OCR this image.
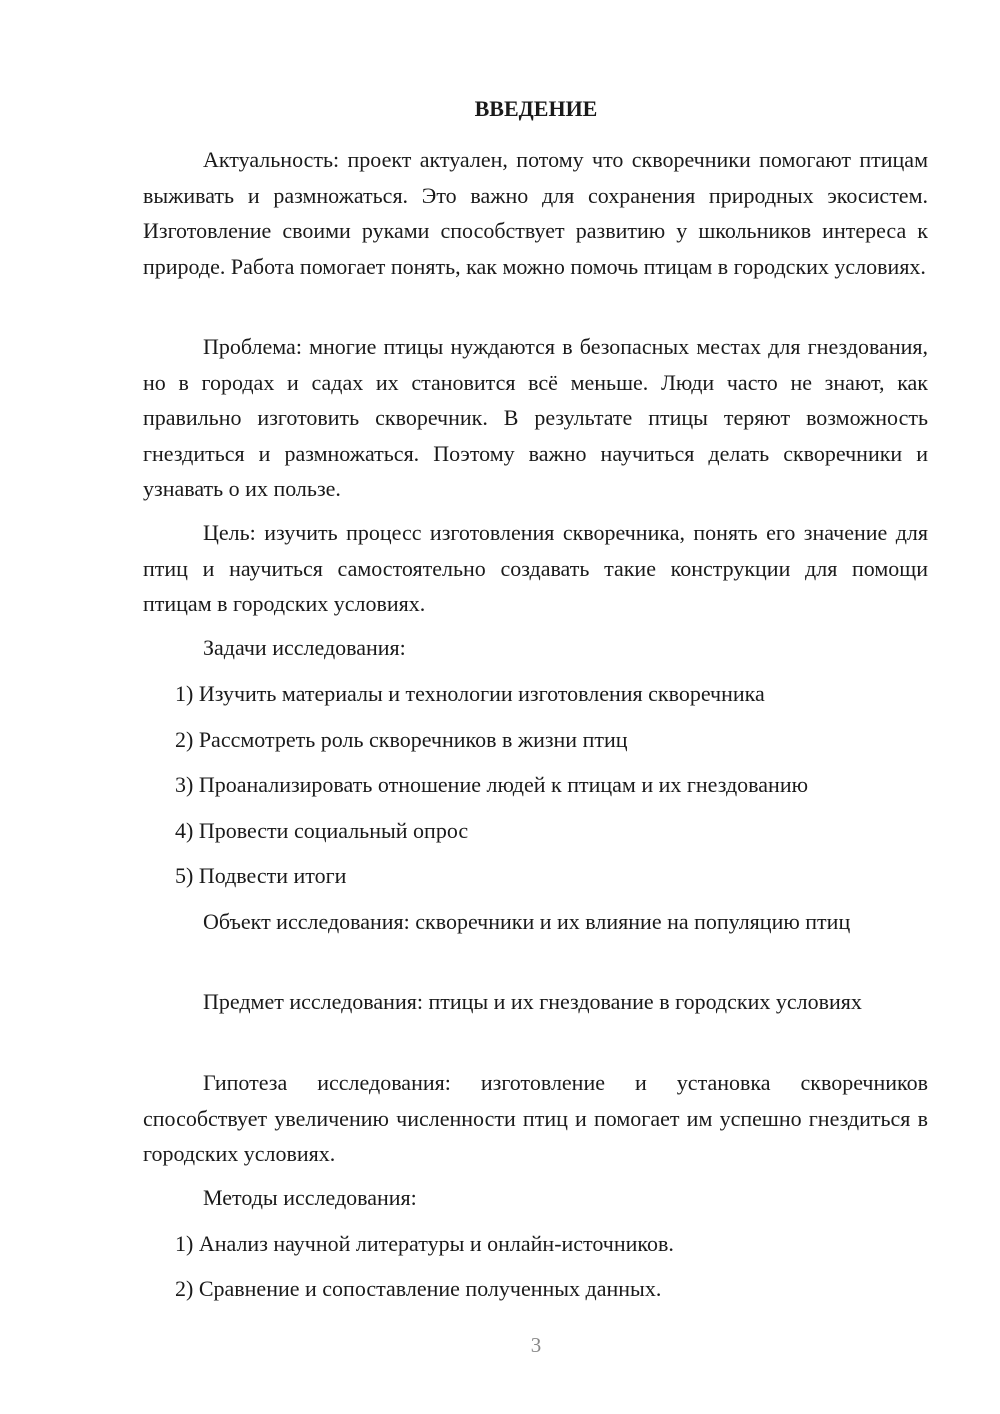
ВВЕДЕНИЕ

Актуальность: проект актуален, потому что скворечники помогают птицам выживать и размножаться. Это важно для сохранения природных экосистем. Изготовление своими руками способствует развитию у школьников интереса к природе. Работа помогает понять, как можно помочь птицам в городских условиях.

Проблема: многие птицы нуждаются в безопасных местах для гнездования, но в городах и садах их становится всё меньше. Люди часто не знают, как правильно изготовить скворечник. В результате птицы теряют возможность гнездиться и размножаться. Поэтому важно научиться делать скворечники и узнавать о их пользе.

Цель: изучить процесс изготовления скворечника, понять его значение для птиц и научиться самостоятельно создавать такие конструкции для помощи птицам в городских условиях.

Задачи исследования:

1) Изучить материалы и технологии изготовления скворечника

2) Рассмотреть роль скворечников в жизни птиц

3) Проанализировать отношение людей к птицам и их гнездованию

4) Провести социальный опрос

5) Подвести итоги

Объект исследования: скворечники и их влияние на популяцию птиц

Предмет исследования: птицы и их гнездование в городских условиях

Гипотеза исследования: изготовление и установка скворечников способствует увеличению численности птиц и помогает им успешно гнездиться в городских условиях.

Методы исследования:

1) Анализ научной литературы и онлайн-источников.

2) Сравнение и сопоставление полученных данных.

3
